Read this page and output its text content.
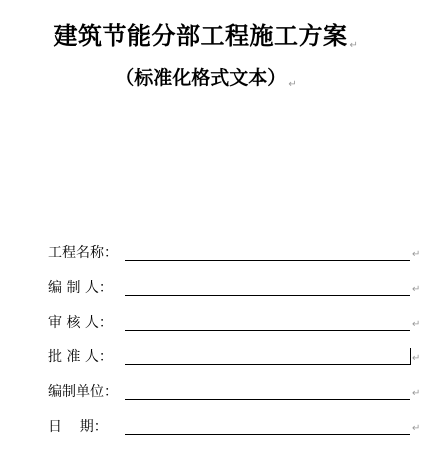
建筑节能分部工程施工方案 ↵
（标准化格式文本） ↵
工程名称：	↵
编 制 人：	↵
审 核 人：	↵
批 准 人：	↵
编制单位：	↵
日    期：	↵
